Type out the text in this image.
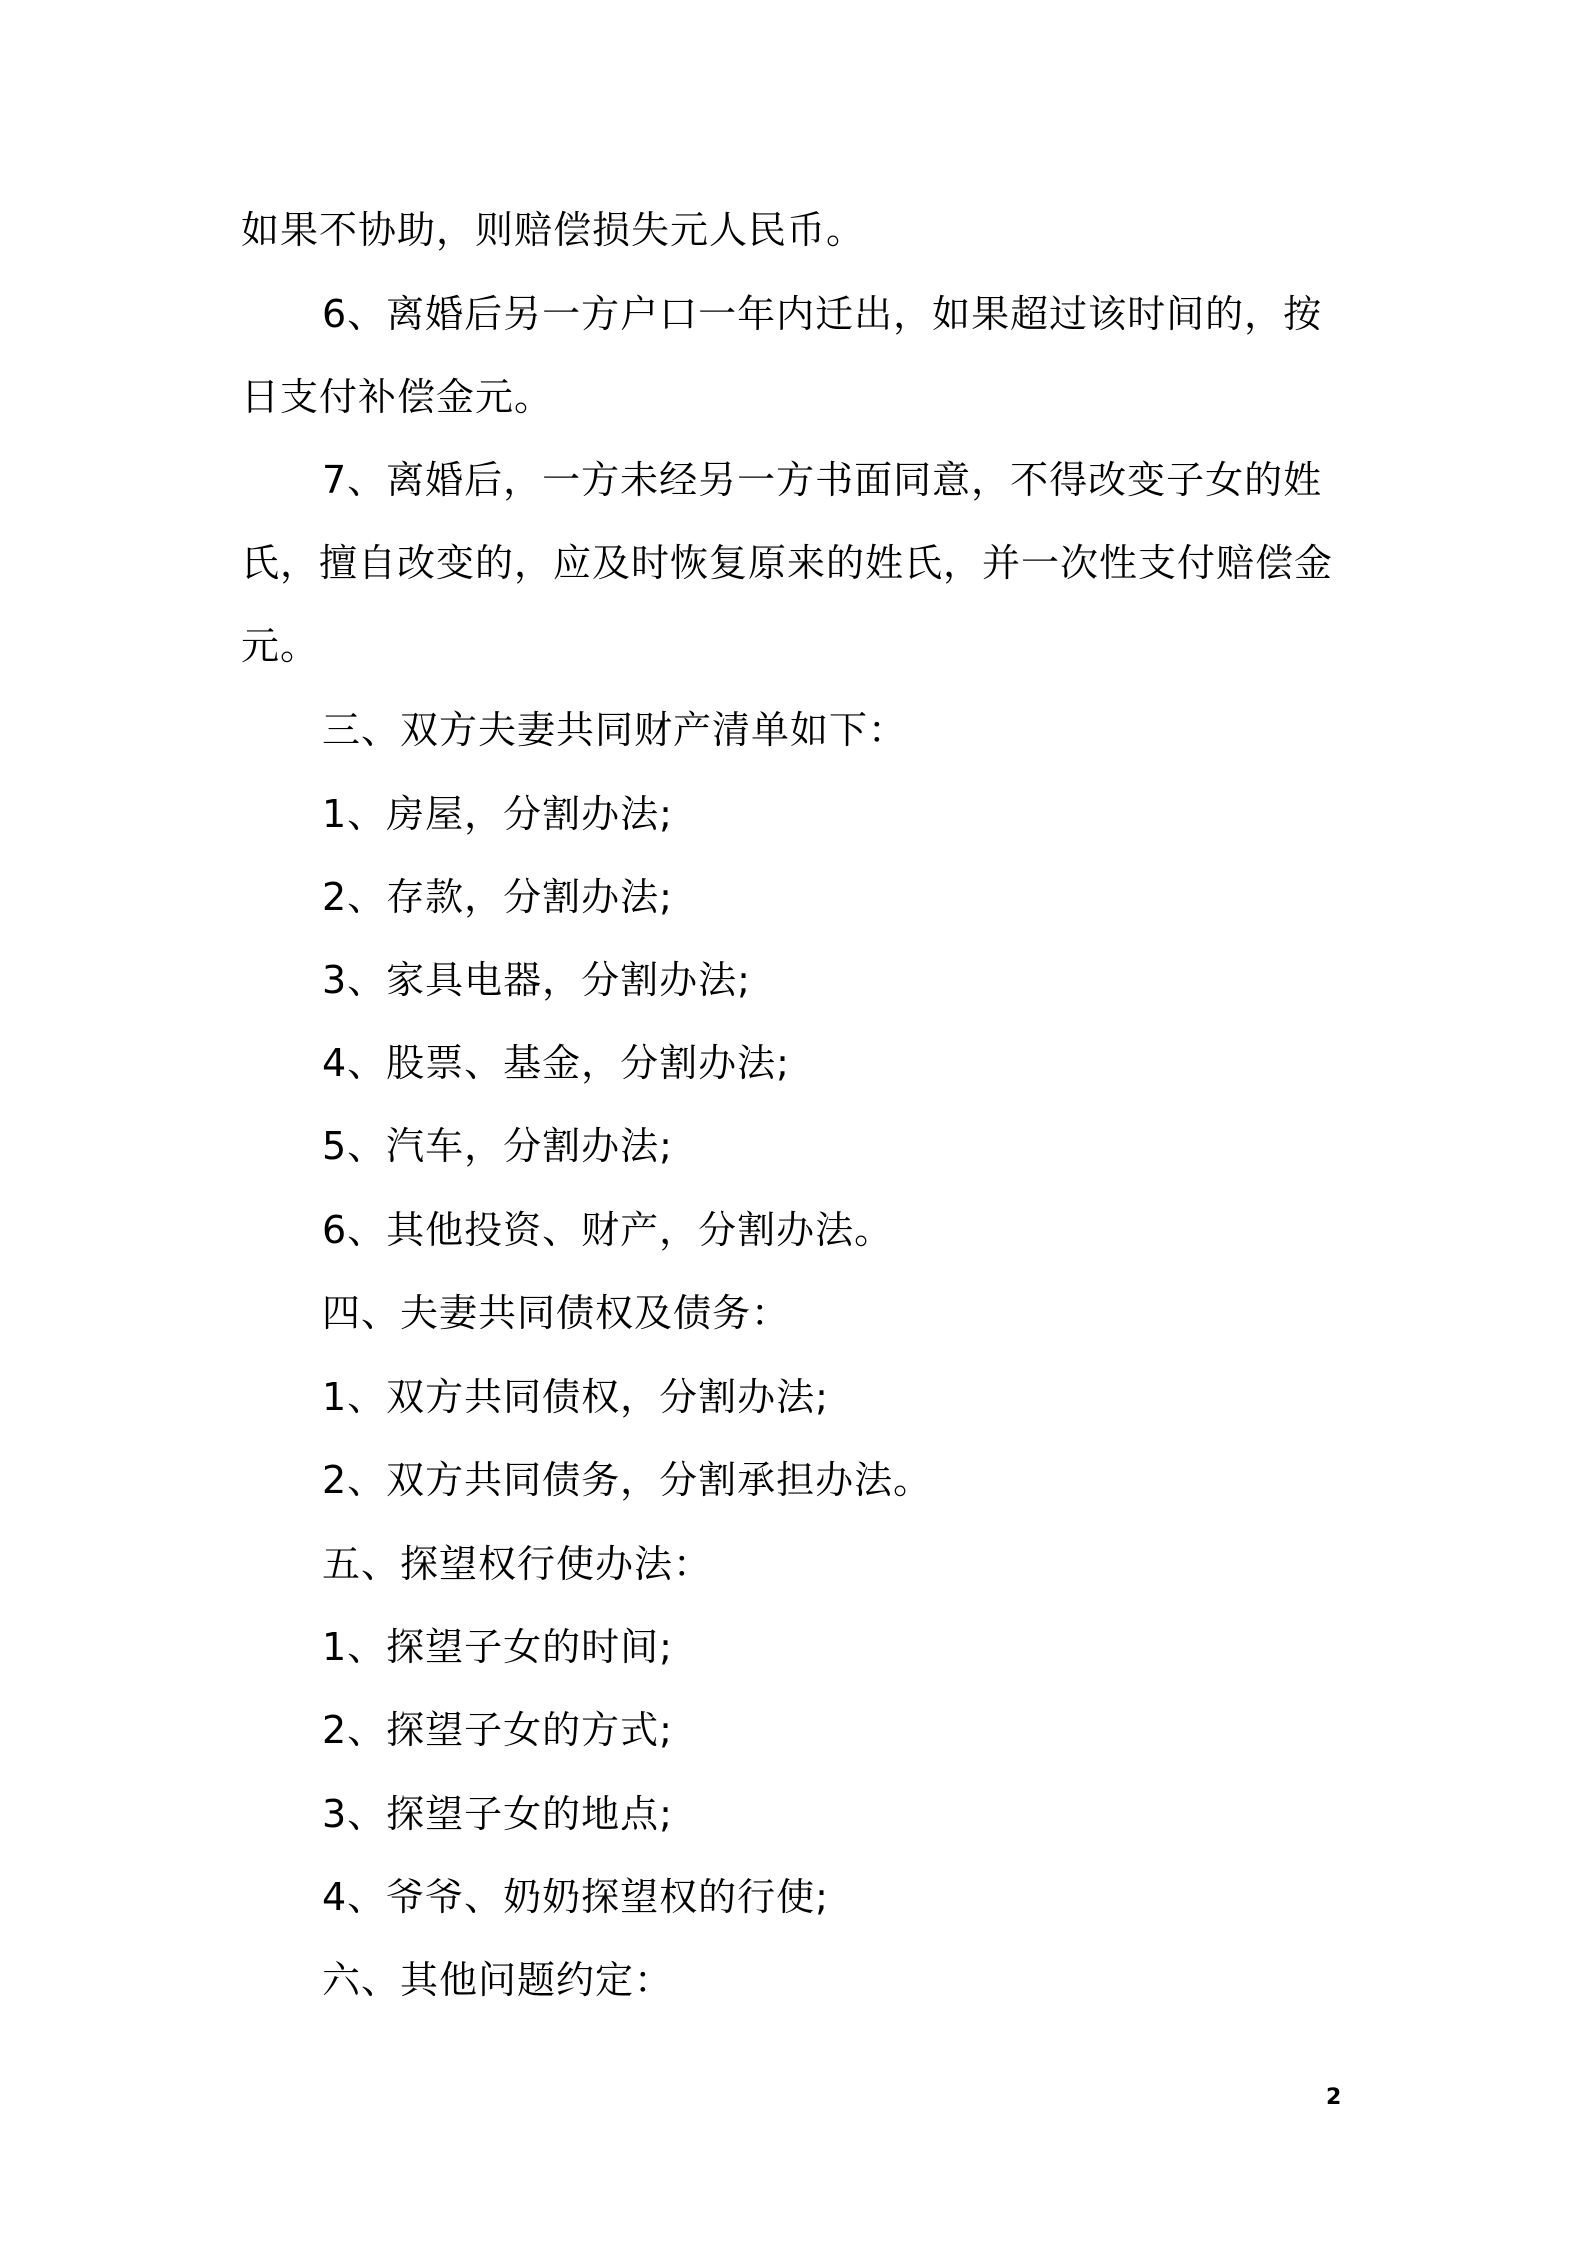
如果不协助，则赔偿损失元人民币。
6、离婚后另一方户口一年内迁出，如果超过该时间的，按
日支付补偿金元。
7、离婚后，一方未经另一方书面同意，不得改变子女的姓
氏，擅自改变的，应及时恢复原来的姓氏，并一次性支付赔偿金
元。
三、双方夫妻共同财产清单如下：
1、房屋，分割办法;
2、存款，分割办法;
3、家具电器，分割办法;
4、股票、基金，分割办法;
5、汽车，分割办法;
6、其他投资、财产，分割办法。
四、夫妻共同债权及债务：
1、双方共同债权，分割办法;
2、双方共同债务，分割承担办法。
五、探望权行使办法：
1、探望子女的时间;
2、探望子女的方式;
3、探望子女的地点;
4、爷爷、奶奶探望权的行使;
六、其他问题约定：
2
